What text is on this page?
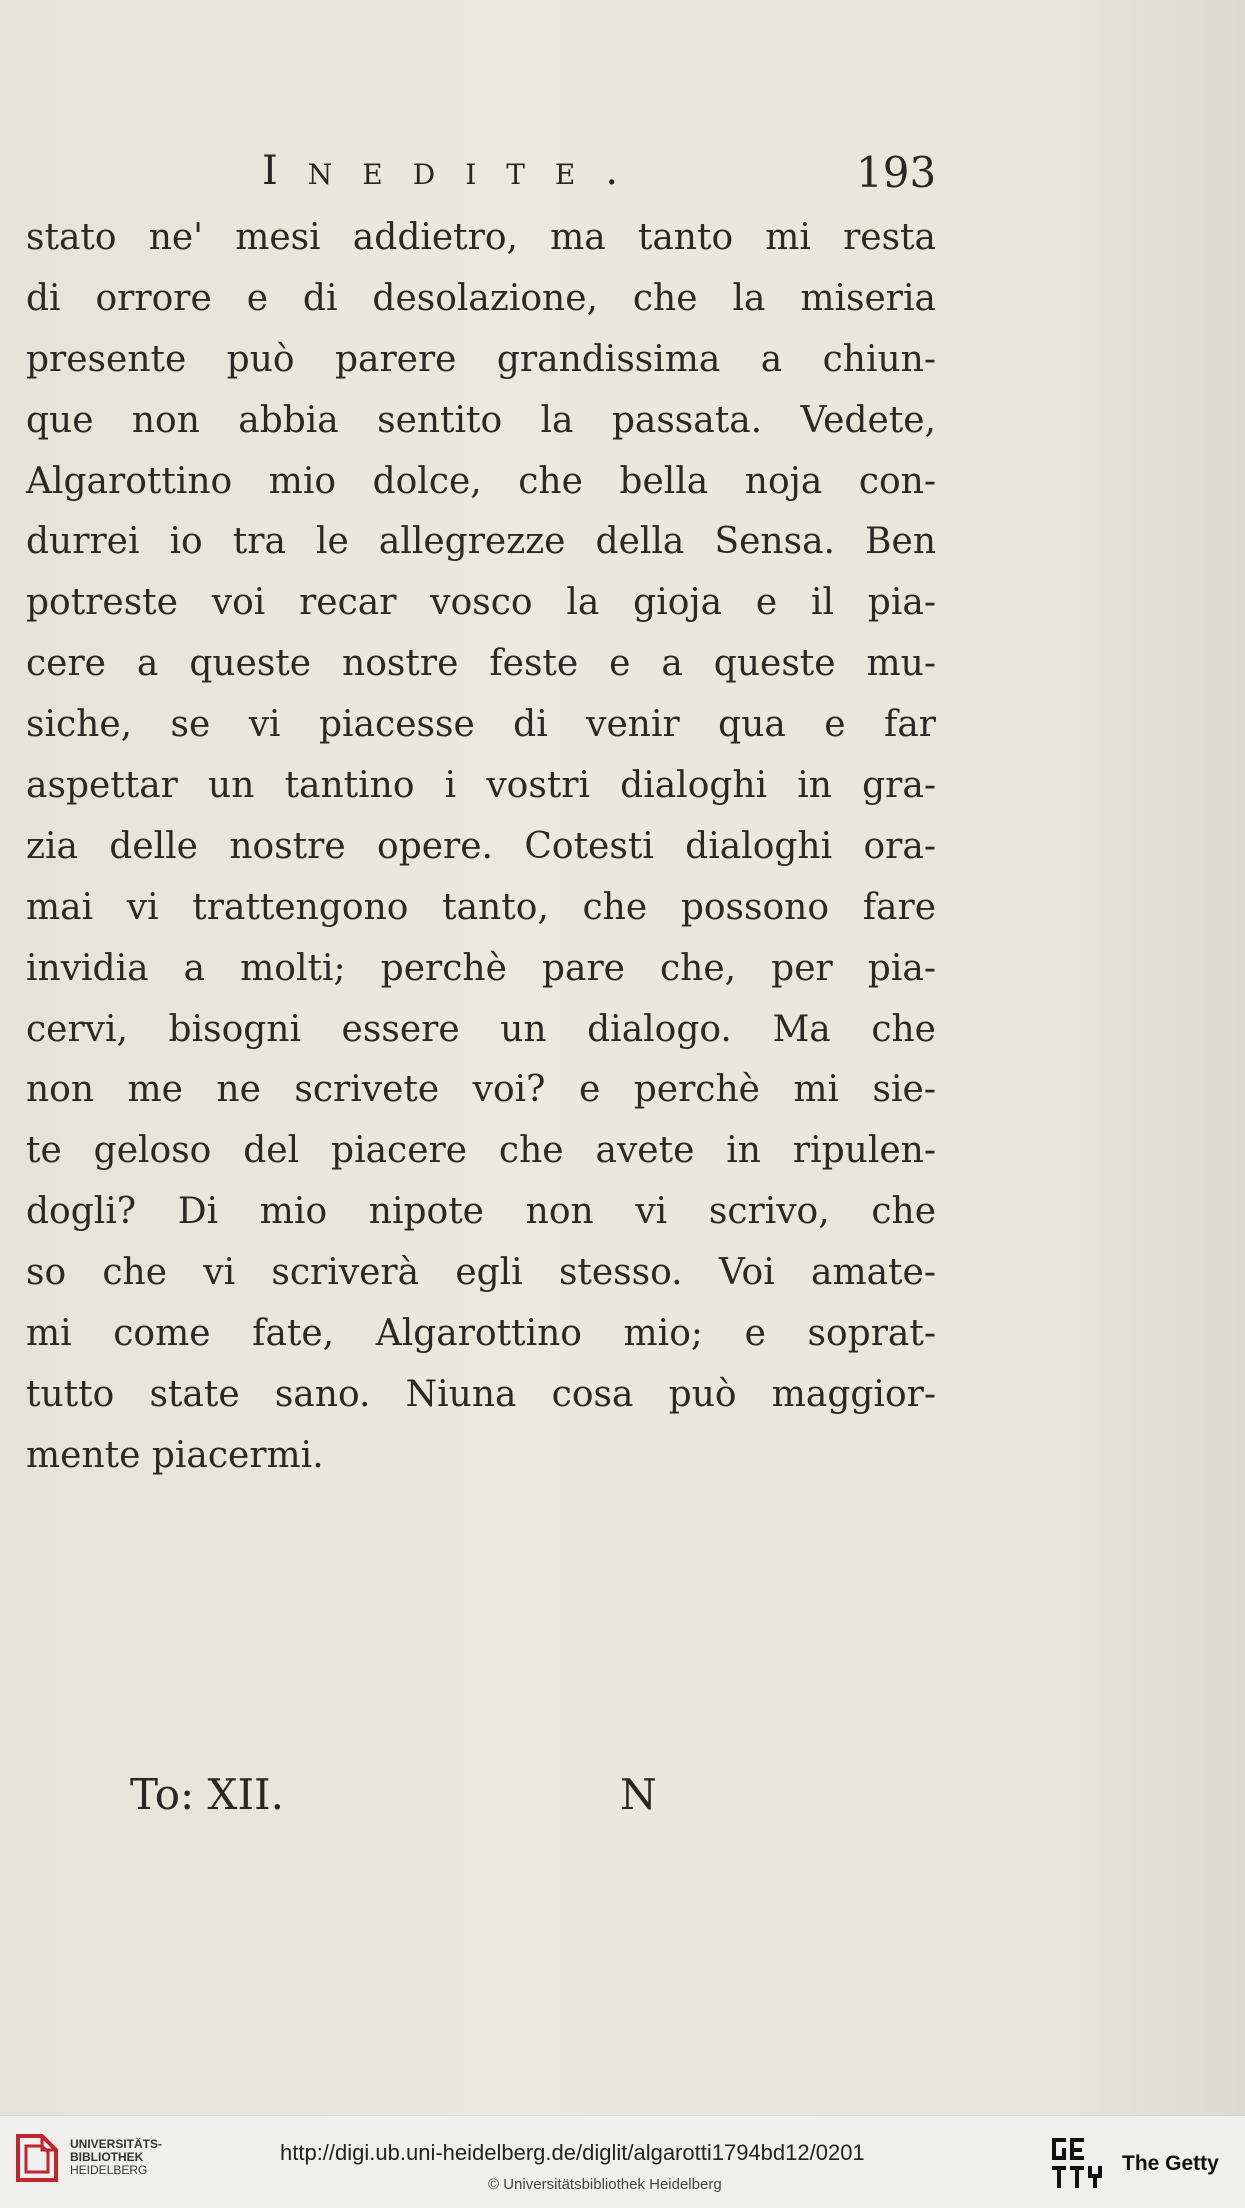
Inedite.	193
stato ne' mesi addietro, ma tanto mi resta
di orrore e di desolazione, che la miseria
presente può parere grandissima a chiun-
que non abbia sentito la passata. Vedete,
Algarottino mio dolce, che bella noja con-
durrei io tra le allegrezze della Sensa. Ben
potreste voi recar vosco la gioja e il pia-
cere a queste nostre feste e a queste mu-
siche, se vi piacesse di venir qua e far
aspettar un tantino i vostri dialoghi in gra-
zia delle nostre opere. Cotesti dialoghi ora-
mai vi trattengono tanto, che possono fare
invidia a molti; perchè pare che, per pia-
cervi, bisogni essere un dialogo. Ma che
non me ne scrivete voi? e perchè mi sie-
te geloso del piacere che avete in ripulen-
dogli? Di mio nipote non vi scrivo, che
so che vi scriverà egli stesso. Voi amate-
mi come fate, Algarottino mio; e soprat-
tutto state sano. Niuna cosa può maggior-
mente piacermi.
To: XII.	N
UNIVERSITÄTS-
BIBLIOTHEK
HEIDELBERG
http://digi.ub.uni-heidelberg.de/diglit/algarotti1794bd12/0201
© Universitätsbibliothek Heidelberg
The Getty
